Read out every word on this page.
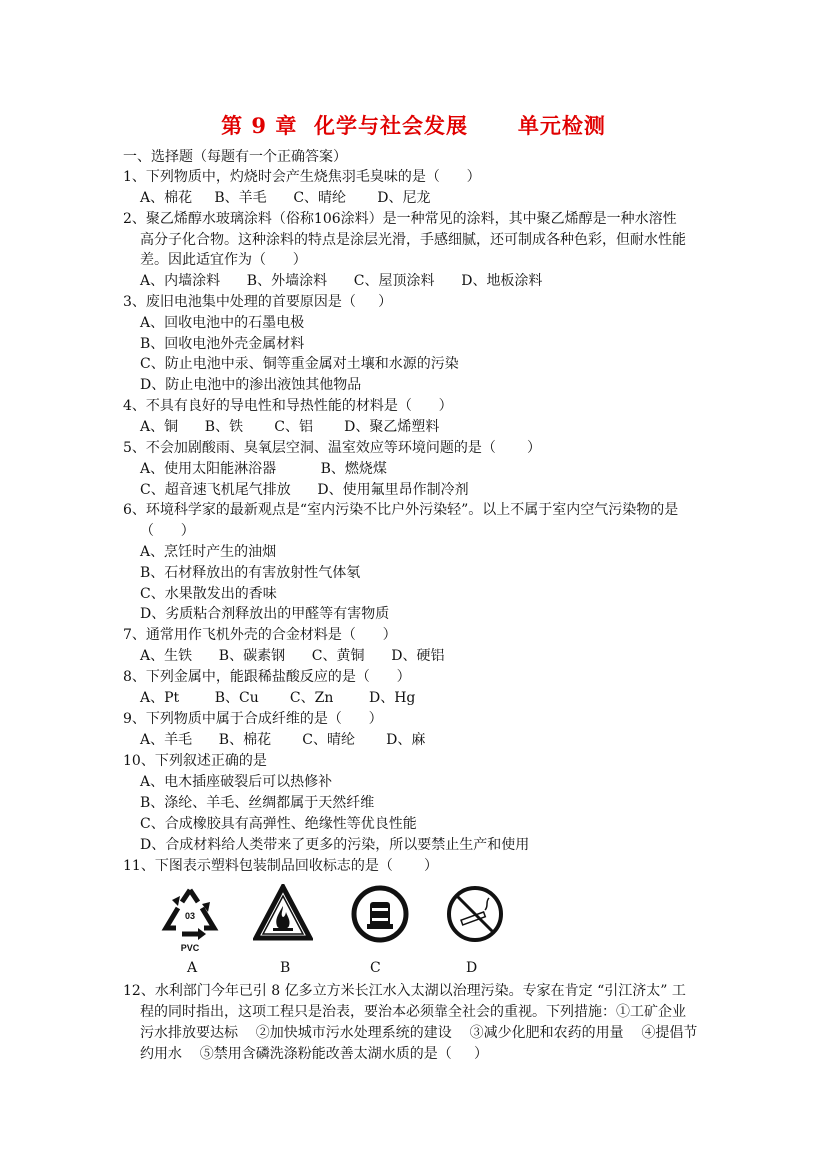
第 9 章  化学与社会发展      单元检测
一、选择题（每题有一个正确答案）
1、下列物质中，灼烧时会产生烧焦羽毛臭味的是（      ）
A、棉花     B、羊毛      C、晴纶       D、尼龙
2、聚乙烯醇水玻璃涂料（俗称106涂料）是一种常见的涂料，其中聚乙烯醇是一种水溶性
高分子化合物。这种涂料的特点是涂层光滑，手感细腻，还可制成各种色彩，但耐水性能
差。因此适宜作为（      ）
A、内墙涂料      B、外墙涂料      C、屋顶涂料      D、地板涂料
3、废旧电池集中处理的首要原因是（     ）
A、回收电池中的石墨电极
B、回收电池外壳金属材料
C、防止电池中汞、铜等重金属对土壤和水源的污染
D、防止电池中的渗出液蚀其他物品
4、不具有良好的导电性和导热性能的材料是（      ）
A、铜      B、铁       C、铝       D、聚乙烯塑料
5、不会加剧酸雨、臭氧层空洞、温室效应等环境问题的是（       ）
A、使用太阳能淋浴器          B、燃烧煤
C、超音速飞机尾气排放      D、使用氟里昂作制冷剂
6、环境科学家的最新观点是“室内污染不比户外污染轻”。以上不属于室内空气污染物的是
（      ）
A、烹饪时产生的油烟
B、石材释放出的有害放射性气体氡
C、水果散发出的香味
D、劣质粘合剂释放出的甲醛等有害物质
7、通常用作飞机外壳的合金材料是（      ）
A、生铁      B、碳素钢      C、黄铜      D、硬铝
8、下列金属中，能跟稀盐酸反应的是（      ）
A、Pt        B、Cu       C、Zn        D、Hg
9、下列物质中属于合成纤维的是（      ）
A、羊毛      B、棉花       C、晴纶       D、麻
10、下列叙述正确的是
A、电木插座破裂后可以热修补
B、涤纶、羊毛、丝绸都属于天然纤维
C、合成橡胶具有高弹性、绝缘性等优良性能
D、合成材料给人类带来了更多的污染，所以要禁止生产和使用
11、下图表示塑料包装制品回收标志的是（       ）
03
PVC
A	B	C	D
12、水利部门今年已引 8 亿多立方米长江水入太湖以治理污染。专家在肯定 “引江济太” 工
程的同时指出，这项工程只是治表，要治本必须靠全社会的重视。下列措施：①工矿企业
污水排放要达标    ②加快城市污水处理系统的建设    ③减少化肥和农药的用量    ④提倡节
约用水    ⑤禁用含磷洗涤粉能改善太湖水质的是（     ）
